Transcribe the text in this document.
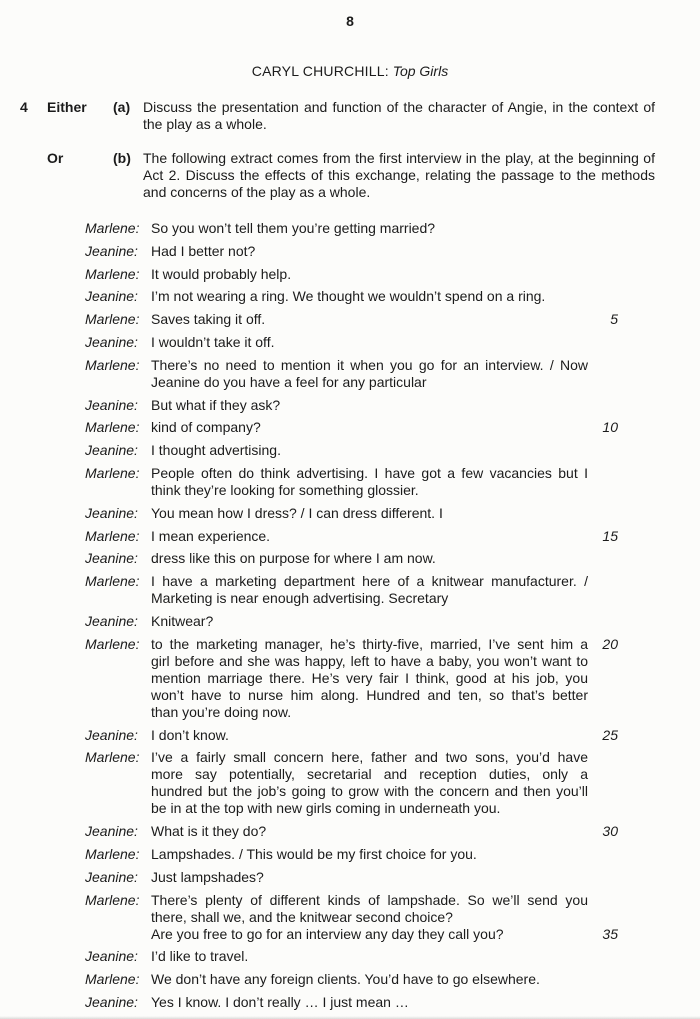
8
CARYL CHURCHILL: Top Girls
4	Either	(a) Discuss the presentation and function of the character of Angie, in the context of
the play as a whole.
Or	(b) The following extract comes from the first interview in the play, at the beginning of
Act 2. Discuss the effects of this exchange, relating the passage to the methods
and concerns of the play as a whole.
Marlene: So you won’t tell them you’re getting married?
Jeanine: Had I better not?
Marlene: It would probably help.
Jeanine: I’m not wearing a ring. We thought we wouldn’t spend on a ring.
Marlene: Saves taking it off.	5
Jeanine: I wouldn’t take it off.
Marlene: There’s no need to mention it when you go for an interview. / Now
Jeanine do you have a feel for any particular
Jeanine: But what if they ask?
Marlene: kind of company?	10
Jeanine: I thought advertising.
Marlene: People often do think advertising. I have got a few vacancies but I
think they’re looking for something glossier.
Jeanine: You mean how I dress? / I can dress different. I
Marlene: I mean experience.	15
Jeanine: dress like this on purpose for where I am now.
Marlene: I have a marketing department here of a knitwear manufacturer. /
Marketing is near enough advertising. Secretary
Jeanine: Knitwear?
Marlene: to the marketing manager, he’s thirty-five, married, I’ve sent him a 20
girl before and she was happy, left to have a baby, you won’t want to
mention marriage there. He’s very fair I think, good at his job, you
won’t have to nurse him along. Hundred and ten, so that’s better
than you’re doing now.
Jeanine: I don’t know.	25
Marlene: I’ve a fairly small concern here, father and two sons, you’d have
more say potentially, secretarial and reception duties, only a
hundred but the job’s going to grow with the concern and then you’ll
be in at the top with new girls coming in underneath you.
Jeanine: What is it they do?	30
Marlene: Lampshades. / This would be my first choice for you.
Jeanine: Just lampshades?
Marlene: There’s plenty of different kinds of lampshade. So we’ll send you
there, shall we, and the knitwear second choice?
Are you free to go for an interview any day they call you?	35
Jeanine: I’d like to travel.
Marlene: We don’t have any foreign clients. You’d have to go elsewhere.
Jeanine: Yes I know. I don’t really … I just mean …
